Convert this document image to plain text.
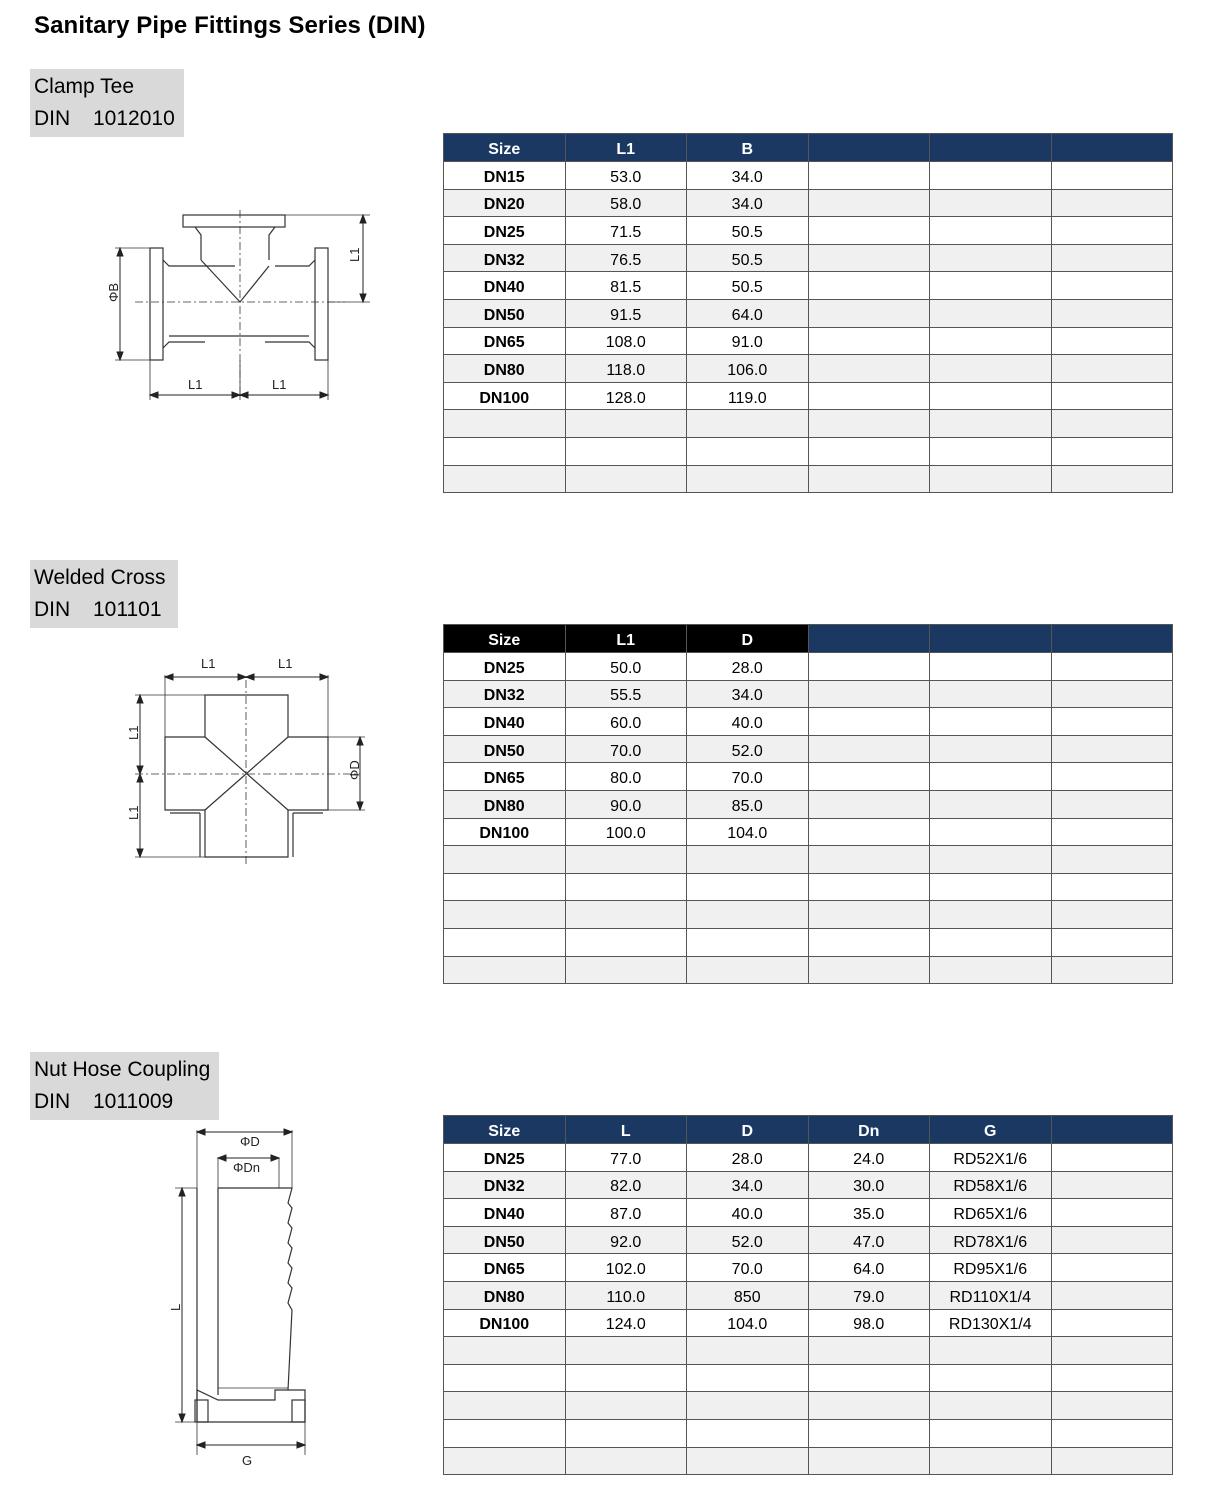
Sanitary Pipe Fittings Series (DIN)
Clamp Tee
DIN 1012010
ΦB
L1	L1
L1
Size	L1	B			
DN15	53.0	34.0			
DN20	58.0	34.0			
DN25	71.5	50.5			
DN32	76.5	50.5			
DN40	81.5	50.5			
DN50	91.5	64.0			
DN65	108.0	91.0			
DN80	118.0	106.0			
DN100	128.0	119.0			

Welded Cross
DIN 101101
L1	L1
L1
L1
ΦD
Size	L1	D			
DN25	50.0	28.0			
DN32	55.5	34.0			
DN40	60.0	40.0			
DN50	70.0	52.0			
DN65	80.0	70.0			
DN80	90.0	85.0			
DN100	100.0	104.0			

Nut Hose Coupling
DIN 1011009
ΦD
ΦDn
L
G
Size	L	D	Dn	G	
DN25	77.0	28.0	24.0	RD52X1/6	
DN32	82.0	34.0	30.0	RD58X1/6	
DN40	87.0	40.0	35.0	RD65X1/6	
DN50	92.0	52.0	47.0	RD78X1/6	
DN65	102.0	70.0	64.0	RD95X1/6	
DN80	110.0	850	79.0	RD110X1/4	
DN100	124.0	104.0	98.0	RD130X1/4	
